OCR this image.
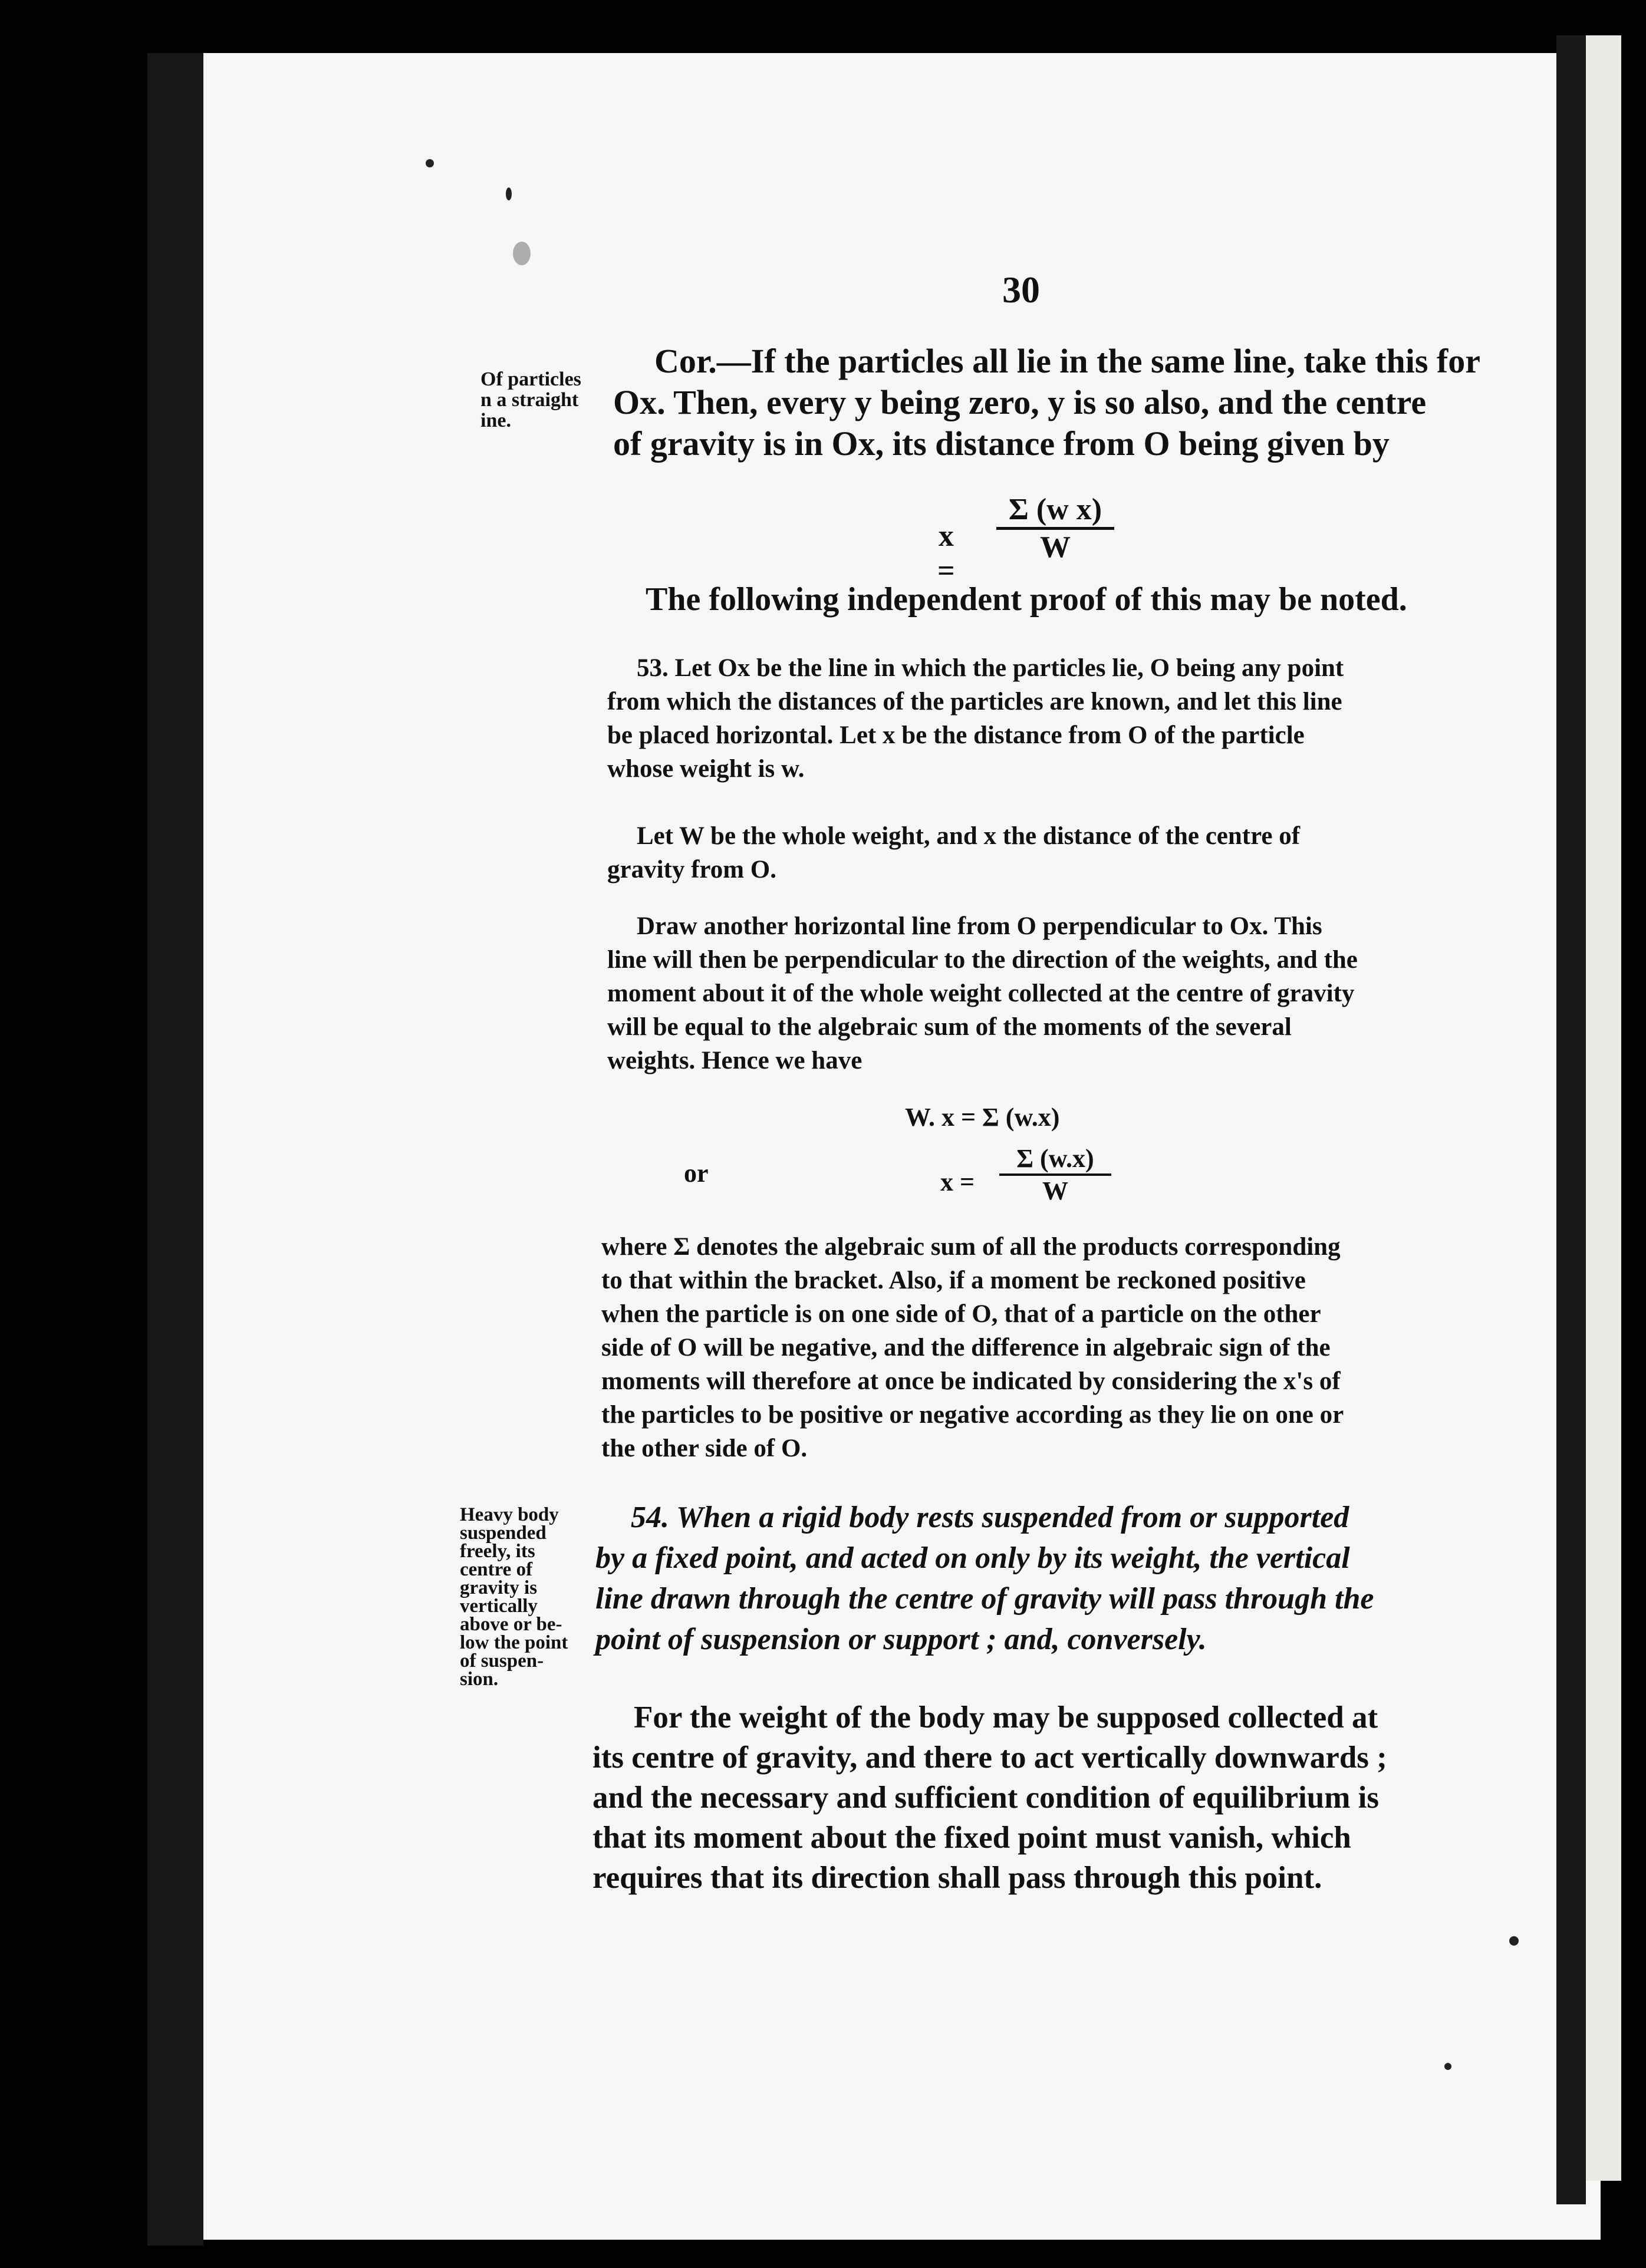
30
Of particles
n a straight
ine.
Cor.—If the particles all lie in the same line, take this for
Ox. Then, every y being zero, y is so also, and the centre
of gravity is in Ox, its distance from O being given by
x =
Σ (w x)
W
The following independent proof of this may be noted.
53. Let Ox be the line in which the particles lie, O being any point
from which the distances of the particles are known, and let this line
be placed horizontal. Let x be the distance from O of the particle
whose weight is w.
Let W be the whole weight, and x the distance of the centre of
gravity from O.
Draw another horizontal line from O perpendicular to Ox. This
line will then be perpendicular to the direction of the weights, and the
moment about it of the whole weight collected at the centre of gravity
will be equal to the algebraic sum of the moments of the several
weights. Hence we have
W. x = Σ (w.x)
or	x =
Σ (w.x)
W
where Σ denotes the algebraic sum of all the products corresponding
to that within the bracket. Also, if a moment be reckoned positive
when the particle is on one side of O, that of a particle on the other
side of O will be negative, and the difference in algebraic sign of the
moments will therefore at once be indicated by considering the x's of
the particles to be positive or negative according as they lie on one or
the other side of O.
Heavy body
suspended
freely, its
centre of
gravity is
vertically
above or be-
low the point
of suspen-
sion.
54. When a rigid body rests suspended from or supported
by a fixed point, and acted on only by its weight, the vertical
line drawn through the centre of gravity will pass through the
point of suspension or support ; and, conversely.
For the weight of the body may be supposed collected at
its centre of gravity, and there to act vertically downwards ;
and the necessary and sufficient condition of equilibrium is
that its moment about the fixed point must vanish, which
requires that its direction shall pass through this point.
